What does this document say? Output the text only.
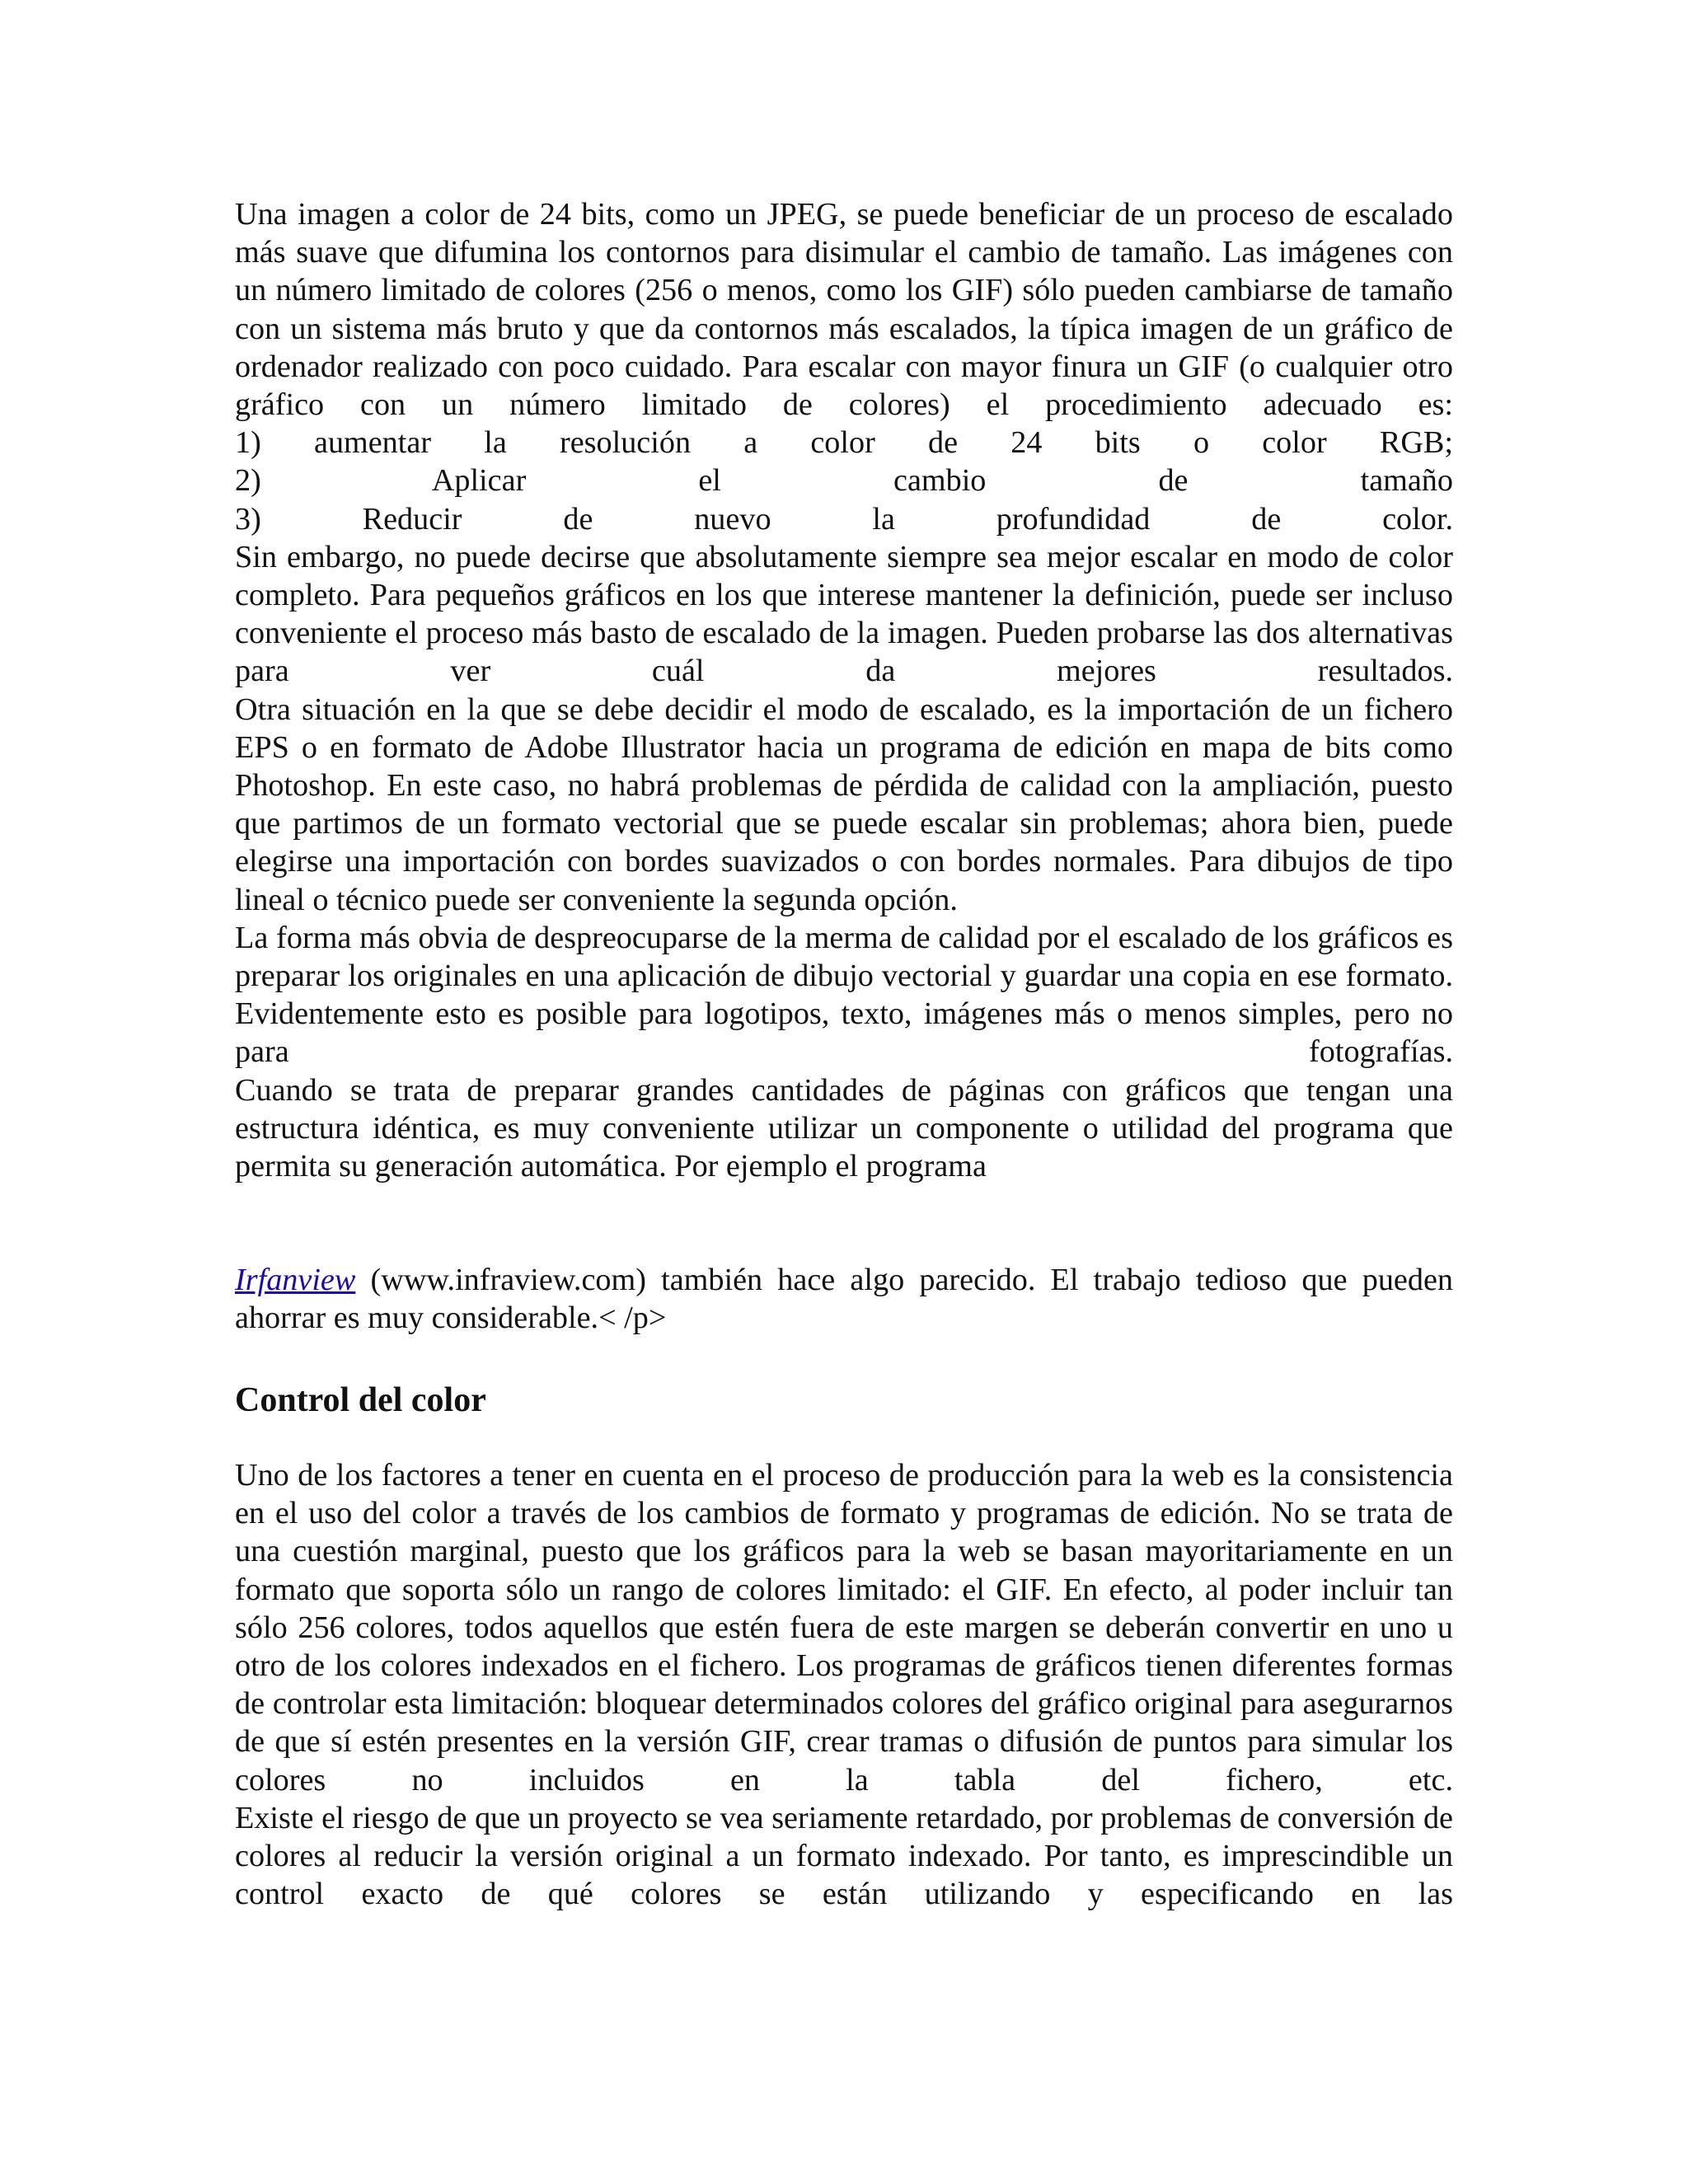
Una imagen a color de 24 bits, como un JPEG, se puede beneficiar de un proceso de escalado más suave que difumina los contornos para disimular el cambio de tamaño. Las imágenes con un número limitado de colores (256 o menos, como los GIF) sólo pueden cambiarse de tamaño con un sistema más bruto y que da contornos más escalados, la típica imagen de un gráfico de ordenador realizado con poco cuidado. Para escalar con mayor finura un GIF (o cualquier otro gráfico con un número limitado de colores) el procedimiento adecuado es:
1) aumentar la resolución a color de 24 bits o color RGB;
2) Aplicar el cambio de tamaño
3) Reducir de nuevo la profundidad de color.
Sin embargo, no puede decirse que absolutamente siempre sea mejor escalar en modo de color completo. Para pequeños gráficos en los que interese mantener la definición, puede ser incluso conveniente el proceso más basto de escalado de la imagen. Pueden probarse las dos alternativas para ver cuál da mejores resultados.
Otra situación en la que se debe decidir el modo de escalado, es la importación de un fichero EPS o en formato de Adobe Illustrator hacia un programa de edición en mapa de bits como Photoshop. En este caso, no habrá problemas de pérdida de calidad con la ampliación, puesto que partimos de un formato vectorial que se puede escalar sin problemas; ahora bien, puede elegirse una importación con bordes suavizados o con bordes normales. Para dibujos de tipo lineal o técnico puede ser conveniente la segunda opción.
La forma más obvia de despreocuparse de la merma de calidad por el escalado de los gráficos es preparar los originales en una aplicación de dibujo vectorial y guardar una copia en ese formato. Evidentemente esto es posible para logotipos, texto, imágenes más o menos simples, pero no para fotografías.
Cuando se trata de preparar grandes cantidades de páginas con gráficos que tengan una estructura idéntica, es muy conveniente utilizar un componente o utilidad del programa que permita su generación automática. Por ejemplo el programa

Irfanview (www.infraview.com) también hace algo parecido. El trabajo tedioso que pueden ahorrar es muy considerable.< /p>

Control del color
Uno de los factores a tener en cuenta en el proceso de producción para la web es la consistencia en el uso del color a través de los cambios de formato y programas de edición. No se trata de una cuestión marginal, puesto que los gráficos para la web se basan mayoritariamente en un formato que soporta sólo un rango de colores limitado: el GIF. En efecto, al poder incluir tan sólo 256 colores, todos aquellos que estén fuera de este margen se deberán convertir en uno u otro de los colores indexados en el fichero. Los programas de gráficos tienen diferentes formas de controlar esta limitación: bloquear determinados colores del gráfico original para asegurarnos de que sí estén presentes en la versión GIF, crear tramas o difusión de puntos para simular los colores no incluidos en la tabla del fichero, etc.
Existe el riesgo de que un proyecto se vea seriamente retardado, por problemas de conversión de colores al reducir la versión original a un formato indexado. Por tanto, es imprescindible un control exacto de qué colores se están utilizando y especificando en las
